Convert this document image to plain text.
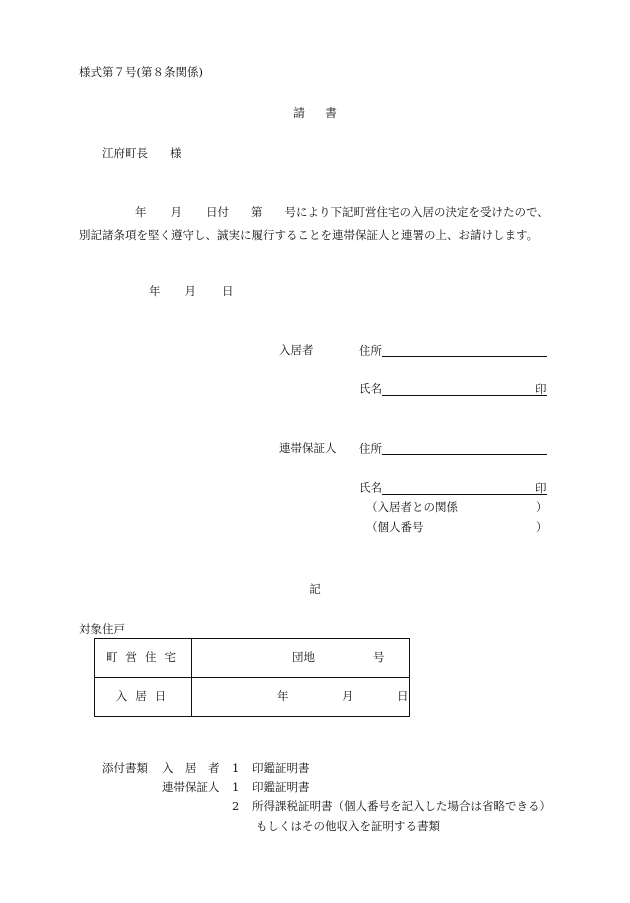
様式第７号(第８条関係)
請書
江府町長 様
年 月 日付 第 号により下記町営住宅の入居の決定を受けたので、
別記諸条項を堅く遵守し、誠実に履行することを連帯保証人と連署の上、お請けします。
年 月 日
入居者	住所
氏名	印
連帯保証人 住所
氏名	印
（入居者との関係	）
（個人番号	）
記
対象住戸
町営住宅	団地 号

入居日	年 月 日
添付書類 入　居　者 1 印鑑証明書
連帯保証人 1 印鑑証明書
2 所得課税証明書（個人番号を記入した場合は省略できる）
もしくはその他収入を証明する書類
